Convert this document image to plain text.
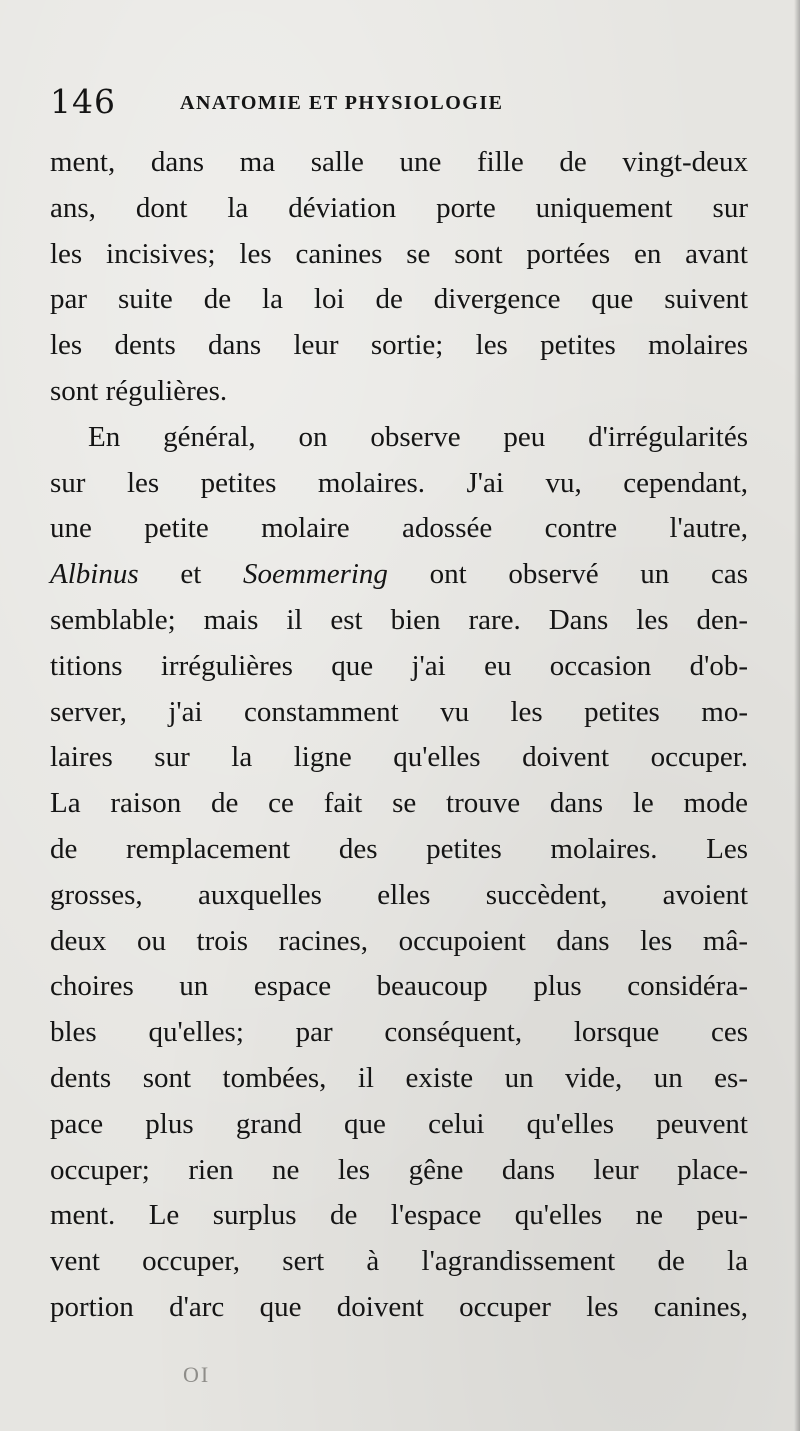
146	ANATOMIE ET PHYSIOLOGIE
ment, dans ma salle une fille de vingt-deux
ans, dont la déviation porte uniquement sur
les incisives; les canines se sont portées en avant
par suite de la loi de divergence que suivent
les dents dans leur sortie; les petites molaires
sont régulières.
En général, on observe peu d'irrégularités
sur les petites molaires. J'ai vu, cependant,
une petite molaire adossée contre l'autre,
Albinus et Soemmering ont observé un cas
semblable; mais il est bien rare. Dans les den-
titions irrégulières que j'ai eu occasion d'ob-
server, j'ai constamment vu les petites mo-
laires sur la ligne qu'elles doivent occuper.
La raison de ce fait se trouve dans le mode
de remplacement des petites molaires. Les
grosses, auxquelles elles succèdent, avoient
deux ou trois racines, occupoient dans les mâ-
choires un espace beaucoup plus considéra-
bles qu'elles; par conséquent, lorsque ces
dents sont tombées, il existe un vide, un es-
pace plus grand que celui qu'elles peuvent
occuper; rien ne les gêne dans leur place-
ment. Le surplus de l'espace qu'elles ne peu-
vent occuper, sert à l'agrandissement de la
portion d'arc que doivent occuper les canines,
OI
